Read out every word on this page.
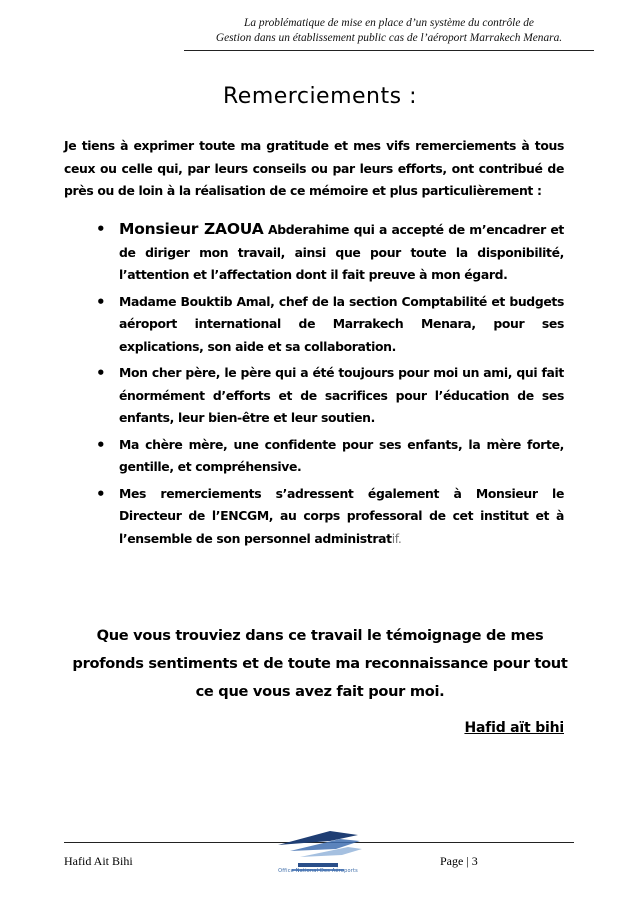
La problématique de mise en place d’un système du contrôle de
Gestion dans un établissement public cas de l’aéroport Marrakech Menara.
Remerciements :
Je tiens à exprimer toute ma gratitude et mes vifs remerciements à tous ceux ou celle qui, par leurs conseils ou par leurs efforts, ont contribué de près ou de loin à la réalisation de ce mémoire et plus particulièrement :
• Monsieur ZAOUA Abderahime qui a accepté de m’encadrer et de diriger mon travail, ainsi que pour toute la disponibilité, l’attention et l’affectation dont il fait preuve à mon égard.
• Madame Bouktib Amal, chef de la section Comptabilité et budgets aéroport international de Marrakech Menara, pour ses explications, son aide et sa collaboration.
• Mon cher père, le père qui a été toujours pour moi un ami, qui fait énormément d’efforts et de sacrifices pour l’éducation de ses enfants, leur bien-être et leur soutien.
• Ma chère mère, une confidente pour ses enfants, la mère forte, gentille, et compréhensive.
• Mes remerciements s’adressent également à Monsieur le Directeur de l’ENCGM, au corps professoral de cet institut et à l’ensemble de son personnel administratif.
Que vous trouviez dans ce travail le témoignage de mes profonds sentiments et de toute ma reconnaissance pour tout ce que vous avez fait pour moi.
Hafid aït bihi
Hafid Ait Bihi
Office National Des Aéroports
Page | 3
